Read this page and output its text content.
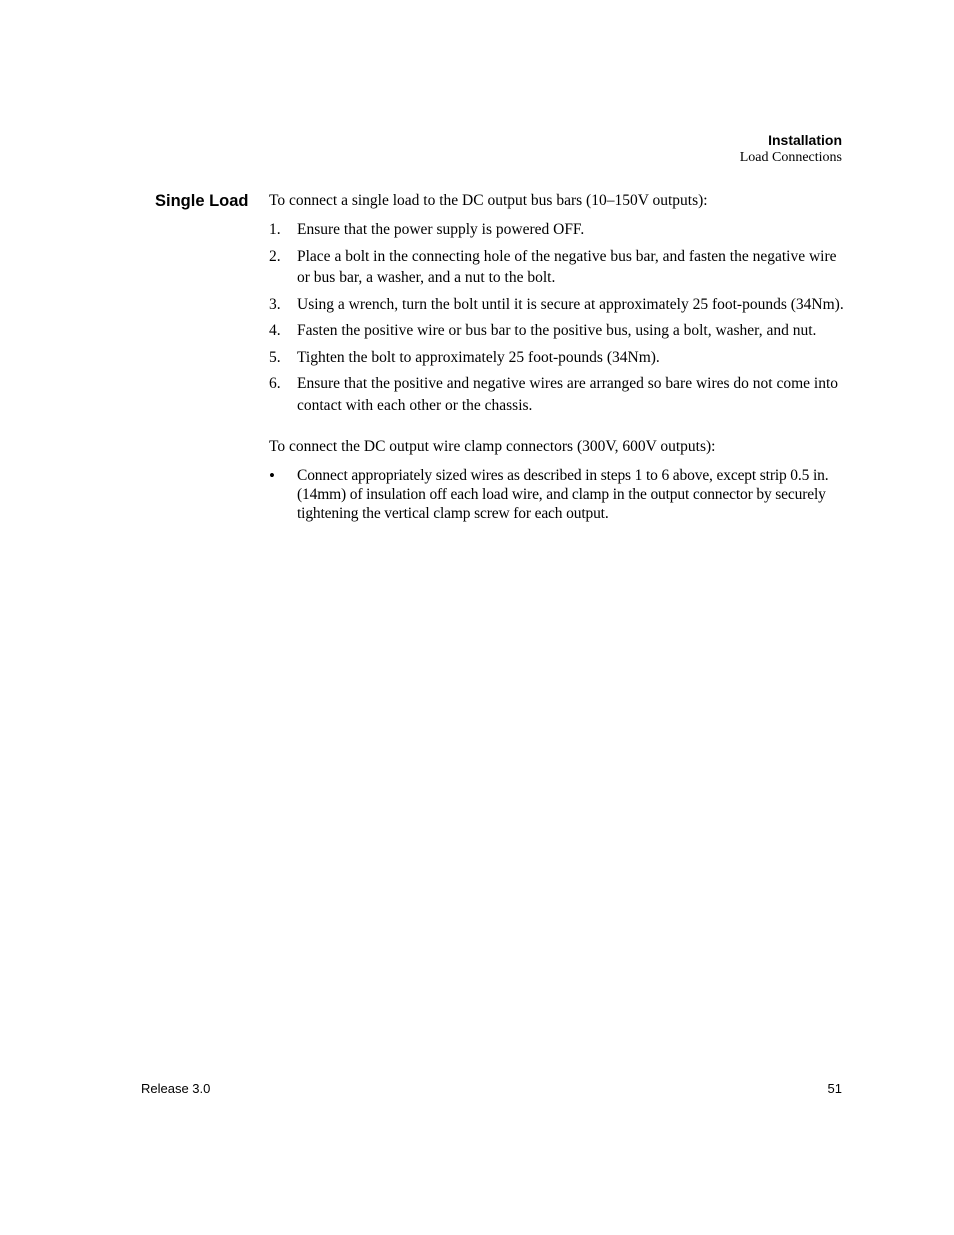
Installation
Load Connections
Single Load To connect a single load to the DC output bus bars (10–150V outputs):

1. Ensure that the power supply is powered OFF.
2. Place a bolt in the connecting hole of the negative bus bar, and fasten the negative wire or bus bar, a washer, and a nut to the bolt.
3. Using a wrench, turn the bolt until it is secure at approximately 25 foot-pounds (34Nm).
4. Fasten the positive wire or bus bar to the positive bus, using a bolt, washer, and nut.
5. Tighten the bolt to approximately 25 foot-pounds (34Nm).
6. Ensure that the positive and negative wires are arranged so bare wires do not come into contact with each other or the chassis.

To connect the DC output wire clamp connectors (300V, 600V outputs):

• Connect appropriately sized wires as described in steps 1 to 6 above, except strip 0.5 in. (14mm) of insulation off each load wire, and clamp in the output connector by securely tightening the vertical clamp screw for each output.
Release 3.0	51
